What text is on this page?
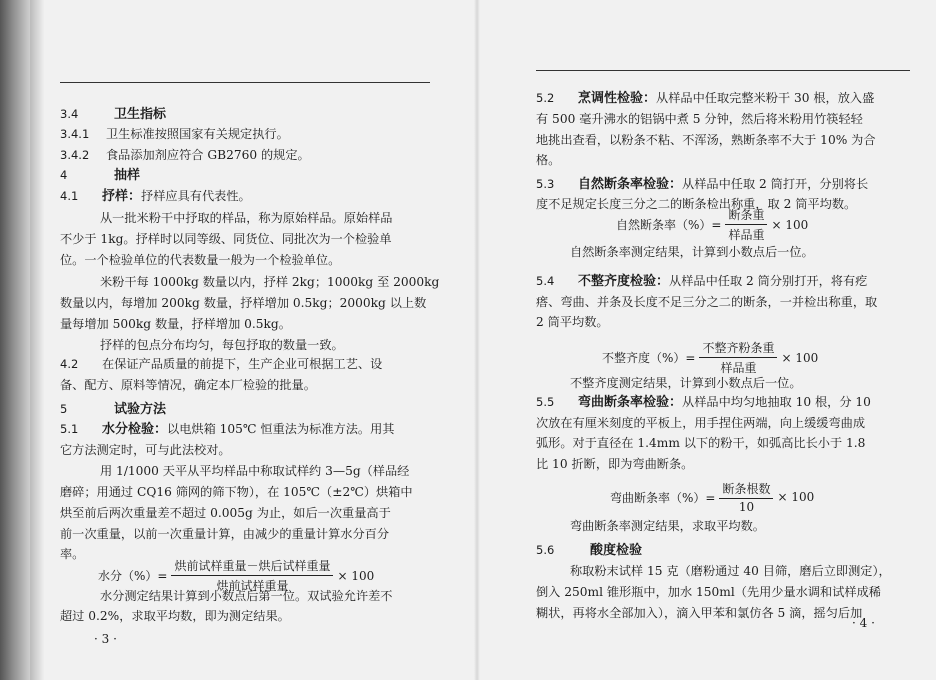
水分（%）= $\frac{\text{烘前试样重量－烘后试样重量}}{\text{烘前试样重量}} \times 100$
· 3 ·
3.4	卫生指标
3.4.1 卫生标准按照国家有关规定执行。
3.4.2 食品添加剂应符合 GB2760 的规定。
4	抽样
4.1 抒样：抒样应具有代表性。
从一批米粉干中抒取的样品，称为原始样品。原始样品
不少于 1kg。抒样时以同等级、同货位、同批次为一个检验单
位。一个检验单位的代表数量一般为一个检验单位。
米粉干每 1000kg 数量以内，抒样 2kg；1000kg 至 2000kg
数量以内，每增加 200kg 数量，抒样增加 0.5kg；2000kg 以上数
量每增加 500kg 数量，抒样增加 0.5kg。
抒样的包点分布均匀，每包抒取的数量一致。
4.2 在保证产品质量的前提下，生产企业可根据工艺、设
备、配方、原料等情况，确定本厂检验的批量。
5	试验方法
5.1 水分检验：以电烘箱 105℃ 恒重法为标准方法。用其
它方法测定时，可与此法校对。
用 1/1000 天平从平均样品中称取试样约 3—5g（样品经
磨碎；用通过 CQ16 筛网的筛下物），在 105℃（±2℃）烘箱中
烘至前后两次重量差不超过 0.005g 为止，如后一次重量高于
前一次重量，以前一次重量计算，由减少的重量计算水分百分
率。
水分测定结果计算到小数点后第一位。双试验允许差不
超过 0.2%，求取平均数，即为测定结果。
自然断条率（%）= $\frac{\text{断条重}}{\text{样品重}} \times 100$
不整齐度（%）= $\frac{\text{不整齐粉条重}}{\text{样品重}} \times 100$
弯曲断条率（%）= $\frac{\text{断条根数}}{10} \times 100$
· 4 ·
5.2 烹调性检验：从样品中任取完整米粉干 30 根，放入盛
有 500 毫升沸水的铝锅中煮 5 分钟，然后将米粉用竹筷轻轻
地挑出查看，以粉条不粘、不浑汤，熟断条率不大于 10% 为合
格。
5.3 自然断条率检验：从样品中任取 2 筒打开，分别将长
度不足规定长度三分之二的断条检出称重，取 2 筒平均数。
自然断条率测定结果，计算到小数点后一位。
5.4 不整齐度检验：从样品中任取 2 筒分别打开，将有疙
瘩、弯曲、并条及长度不足三分之二的断条，一并检出称重，取
2 筒平均数。
不整齐度测定结果，计算到小数点后一位。
5.5 弯曲断条率检验：从样品中均匀地抽取 10 根，分 10
次放在有厘米刻度的平板上，用手捏住两端，向上缓缓弯曲成
弧形。对于直径在 1.4mm 以下的粉干，如弧高比长小于 1.8
比 10 折断，即为弯曲断条。
弯曲断条率测定结果，求取平均数。
5.6	酸度检验
称取粉末试样 15 克（磨粉通过 40 目筛，磨后立即测定），
倒入 250ml 锥形瓶中，加水 150ml（先用少量水调和试样成稀
糊状，再将水全部加入），滴入甲苯和氯仿各 5 滴，摇匀后加
